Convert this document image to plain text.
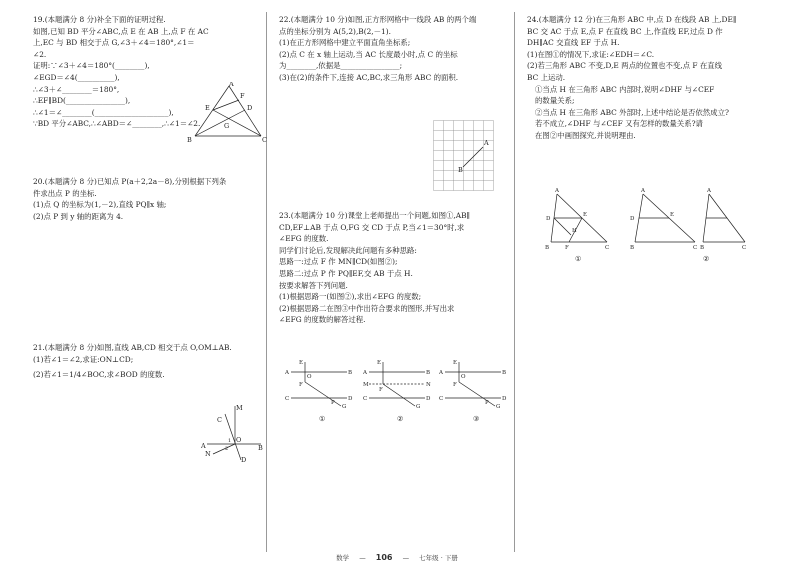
19.(本题满分 8 分)补全下面的证明过程.

如图,已知 BD 平分∠ABC,点 E 在 AB 上,点 F 在 AC

上,EC 与 BD 相交于点 G,∠3＋∠4＝180°,∠1＝

∠2.

证明:∵∠3＋∠4＝180°(________),

∠EGD＝∠4(__________),

∴∠3＋∠________＝180°,

∴EF∥BD(________________),

∴∠1＝∠________(____________________),

∵BD 平分∠ABC,∴∠ABD＝∠________,∴∠1＝∠2.

A
B	C
D
E
F
G

20.(本题满分 8 分)已知点 P(a＋2,2a－8),分别根据下列条

件求出点 P 的坐标.

(1)点 Q 的坐标为(1,－2),直线 PQ∥x 轴;

(2)点 P 到 y 轴的距离为 4.

21.(本题满分 8 分)如图,直线 AB,CD 相交于点 O,OM⊥AB.

(1)若∠1＝∠2,求证:ON⊥CD;

(2)若∠1＝1/4∠BOC,求∠BOD 的度数.

C
M
A	B
N
D
O
1
2

22.(本题满分 10 分)如图,正方形网格中一线段 AB 的两个端

点的坐标分别为 A(5,2),B(2,－1).

(1)在正方形网格中建立平面直角坐标系;

(2)点 C 在 x 轴上运动,当 AC 长度最小时,点 C 的坐标

为________,依据是________________;

(3)在(2)的条件下,连接 AC,BC,求三角形 ABC 的面积.

A
B

23.(本题满分 10 分)课堂上老师提出一个问题,如图①,AB∥

CD,EF⊥AB 于点 O,FG 交 CD 于点 P,当∠1＝30°时,求

∠EFG 的度数.

同学们讨论后,发现解决此问题有多种思路:

思路一:过点 F 作 MN∥CD(如图②);

思路二:过点 P 作 PQ∥EF,交 AB 于点 H.

按要求解答下列问题.

(1)根据思路一(如图②),求出∠EFG 的度数;

(2)根据思路二在图③中作出符合要求的图形,并写出求

∠EFG 的度数的解答过程.

A	B
C	D
E
F
G
O
P
①
A	B
M	N
C	D
E
F
G
②
A	B
C	D
E
F
G
O
P
③

24.(本题满分 12 分)在三角形 ABC 中,点 D 在线段 AB 上,DE∥

BC 交 AC 于点 E,点 F 在直线 BC 上,作直线 EF,过点 D 作

DH∥AC 交直线 EF 于点 H.

(1)在图①的情况下,求证:∠EDH＝∠C.

(2)若三角形 ABC 不变,D,E 两点的位置也不变,点 F 在直线

BC 上运动.

①当点 H 在三角形 ABC 内部时,说明∠DHF 与∠CEF

的数量关系;

②当点 H 在三角形 ABC 外部时,上述中结论是否依然成立?

若不成立,∠DHF 与∠CEF 又有怎样的数量关系?请

在图②中画图探究,并说明理由.

A
B	C
D
E
F
H
①
A
D
E
B	C
A
B	C
②
数学 — 106 — 七年级 · 下册
